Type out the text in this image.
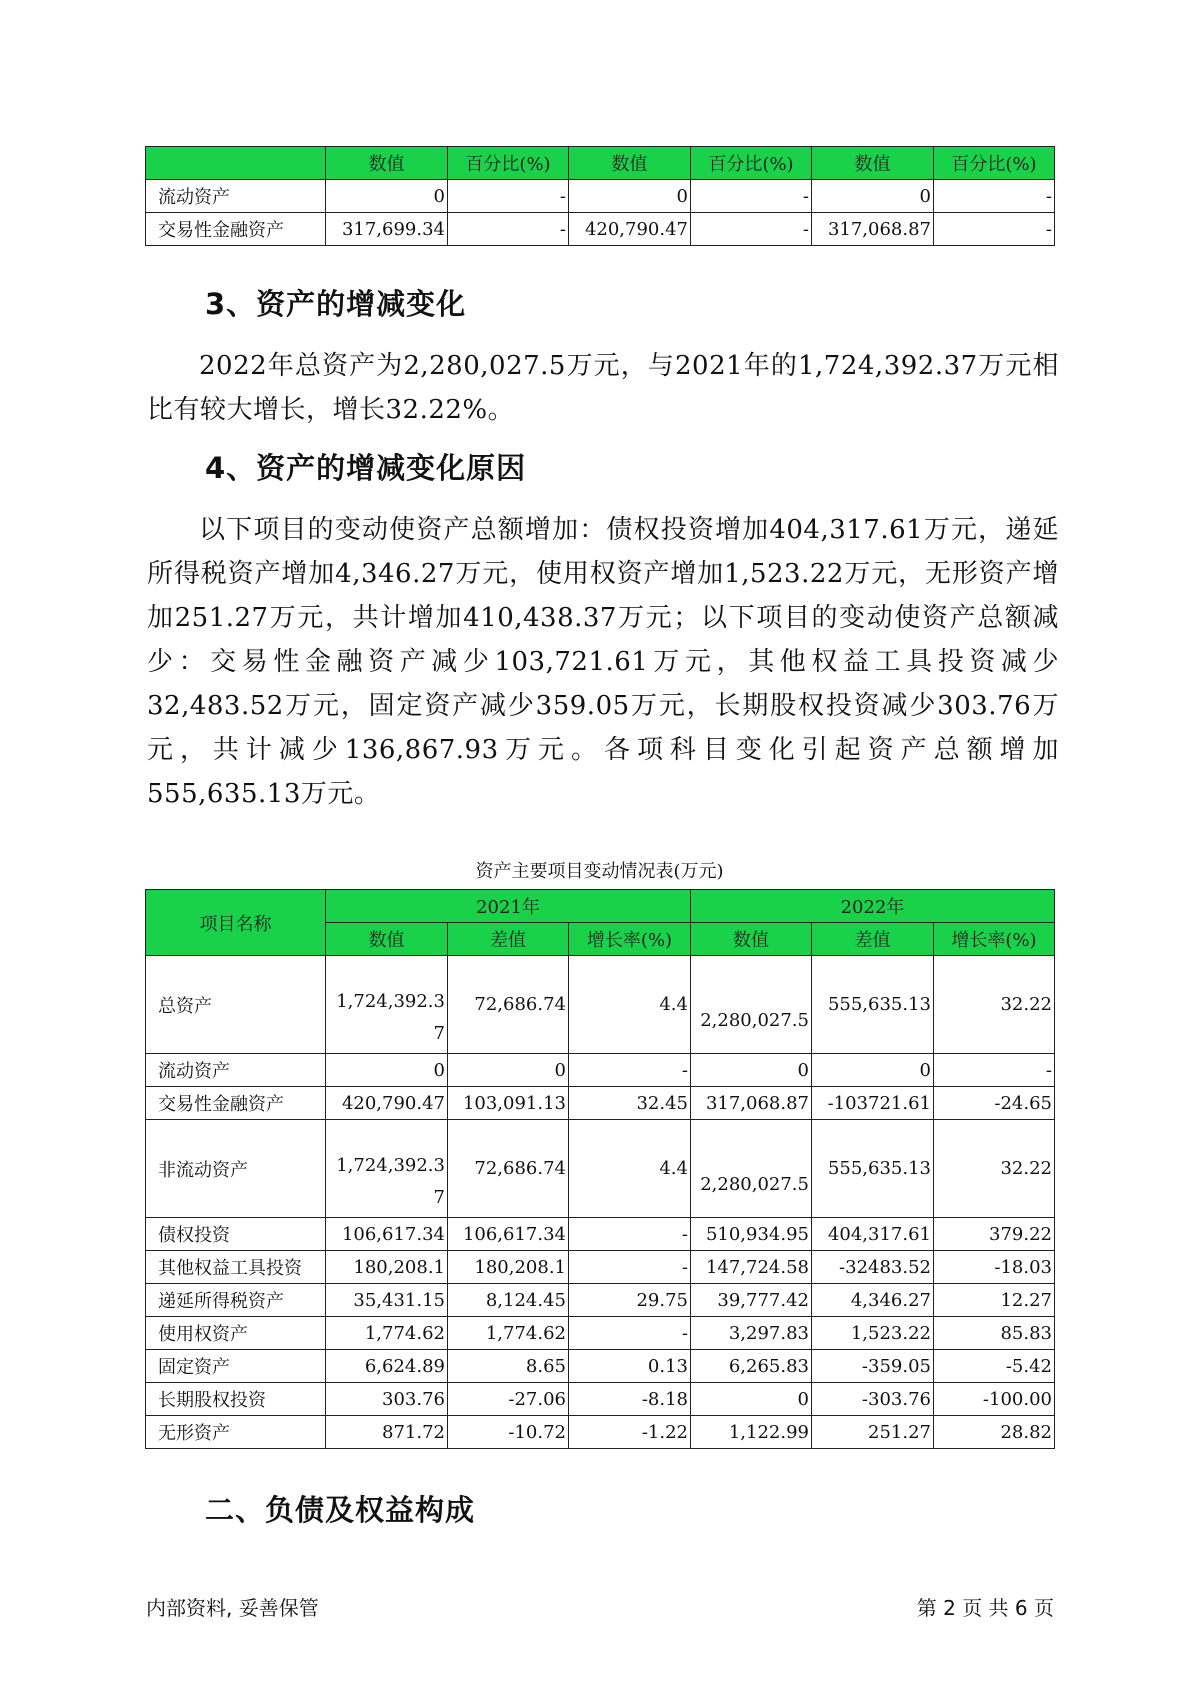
	数值	百分比(%)	数值	百分比(%)	数值	百分比(%)
流动资产	0	-	0	-	0	-
交易性金融资产	317,699.34	-	420,790.47	-	317,068.87	-
3、资产的增减变化

2022年总资产为2,280,027.5万元，与2021年的1,724,392.37万元相比有较大增长，增长32.22%。

4、资产的增减变化原因

以下项目的变动使资产总额增加：债权投资增加404,317.61万元，递延所得税资产增加4,346.27万元，使用权资产增加1,523.22万元，无形资产增加251.27万元，共计增加410,438.37万元；以下项目的变动使资产总额减少：交易性金融资产减少103,721.61万元，其他权益工具投资减少32,483.52万元，固定资产减少359.05万元，长期股权投资减少303.76万元，共计减少136,867.93万元。各项科目变化引起资产总额增加555,635.13万元。

资产主要项目变动情况表(万元)
项目名称	2021年			2022年		
	数值	差值	增长率(%)	数值	差值	增长率(%)
总资产	1,724,392.37	72,686.74	4.4	2,280,027.5	555,635.13	32.22
流动资产	0	0	-	0	0	-
交易性金融资产	420,790.47	103,091.13	32.45	317,068.87	-103721.61	-24.65
非流动资产	1,724,392.37	72,686.74	4.4	2,280,027.5	555,635.13	32.22
债权投资	106,617.34	106,617.34	-	510,934.95	404,317.61	379.22
其他权益工具投资	180,208.1	180,208.1	-	147,724.58	-32483.52	-18.03
递延所得税资产	35,431.15	8,124.45	29.75	39,777.42	4,346.27	12.27
使用权资产	1,774.62	1,774.62	-	3,297.83	1,523.22	85.83
固定资产	6,624.89	8.65	0.13	6,265.83	-359.05	-5.42
长期股权投资	303.76	-27.06	-8.18	0	-303.76	-100.00
无形资产	871.72	-10.72	-1.22	1,122.99	251.27	28.82
二、负债及权益构成
内部资料, 妥善保管	第 2 页 共 6 页
